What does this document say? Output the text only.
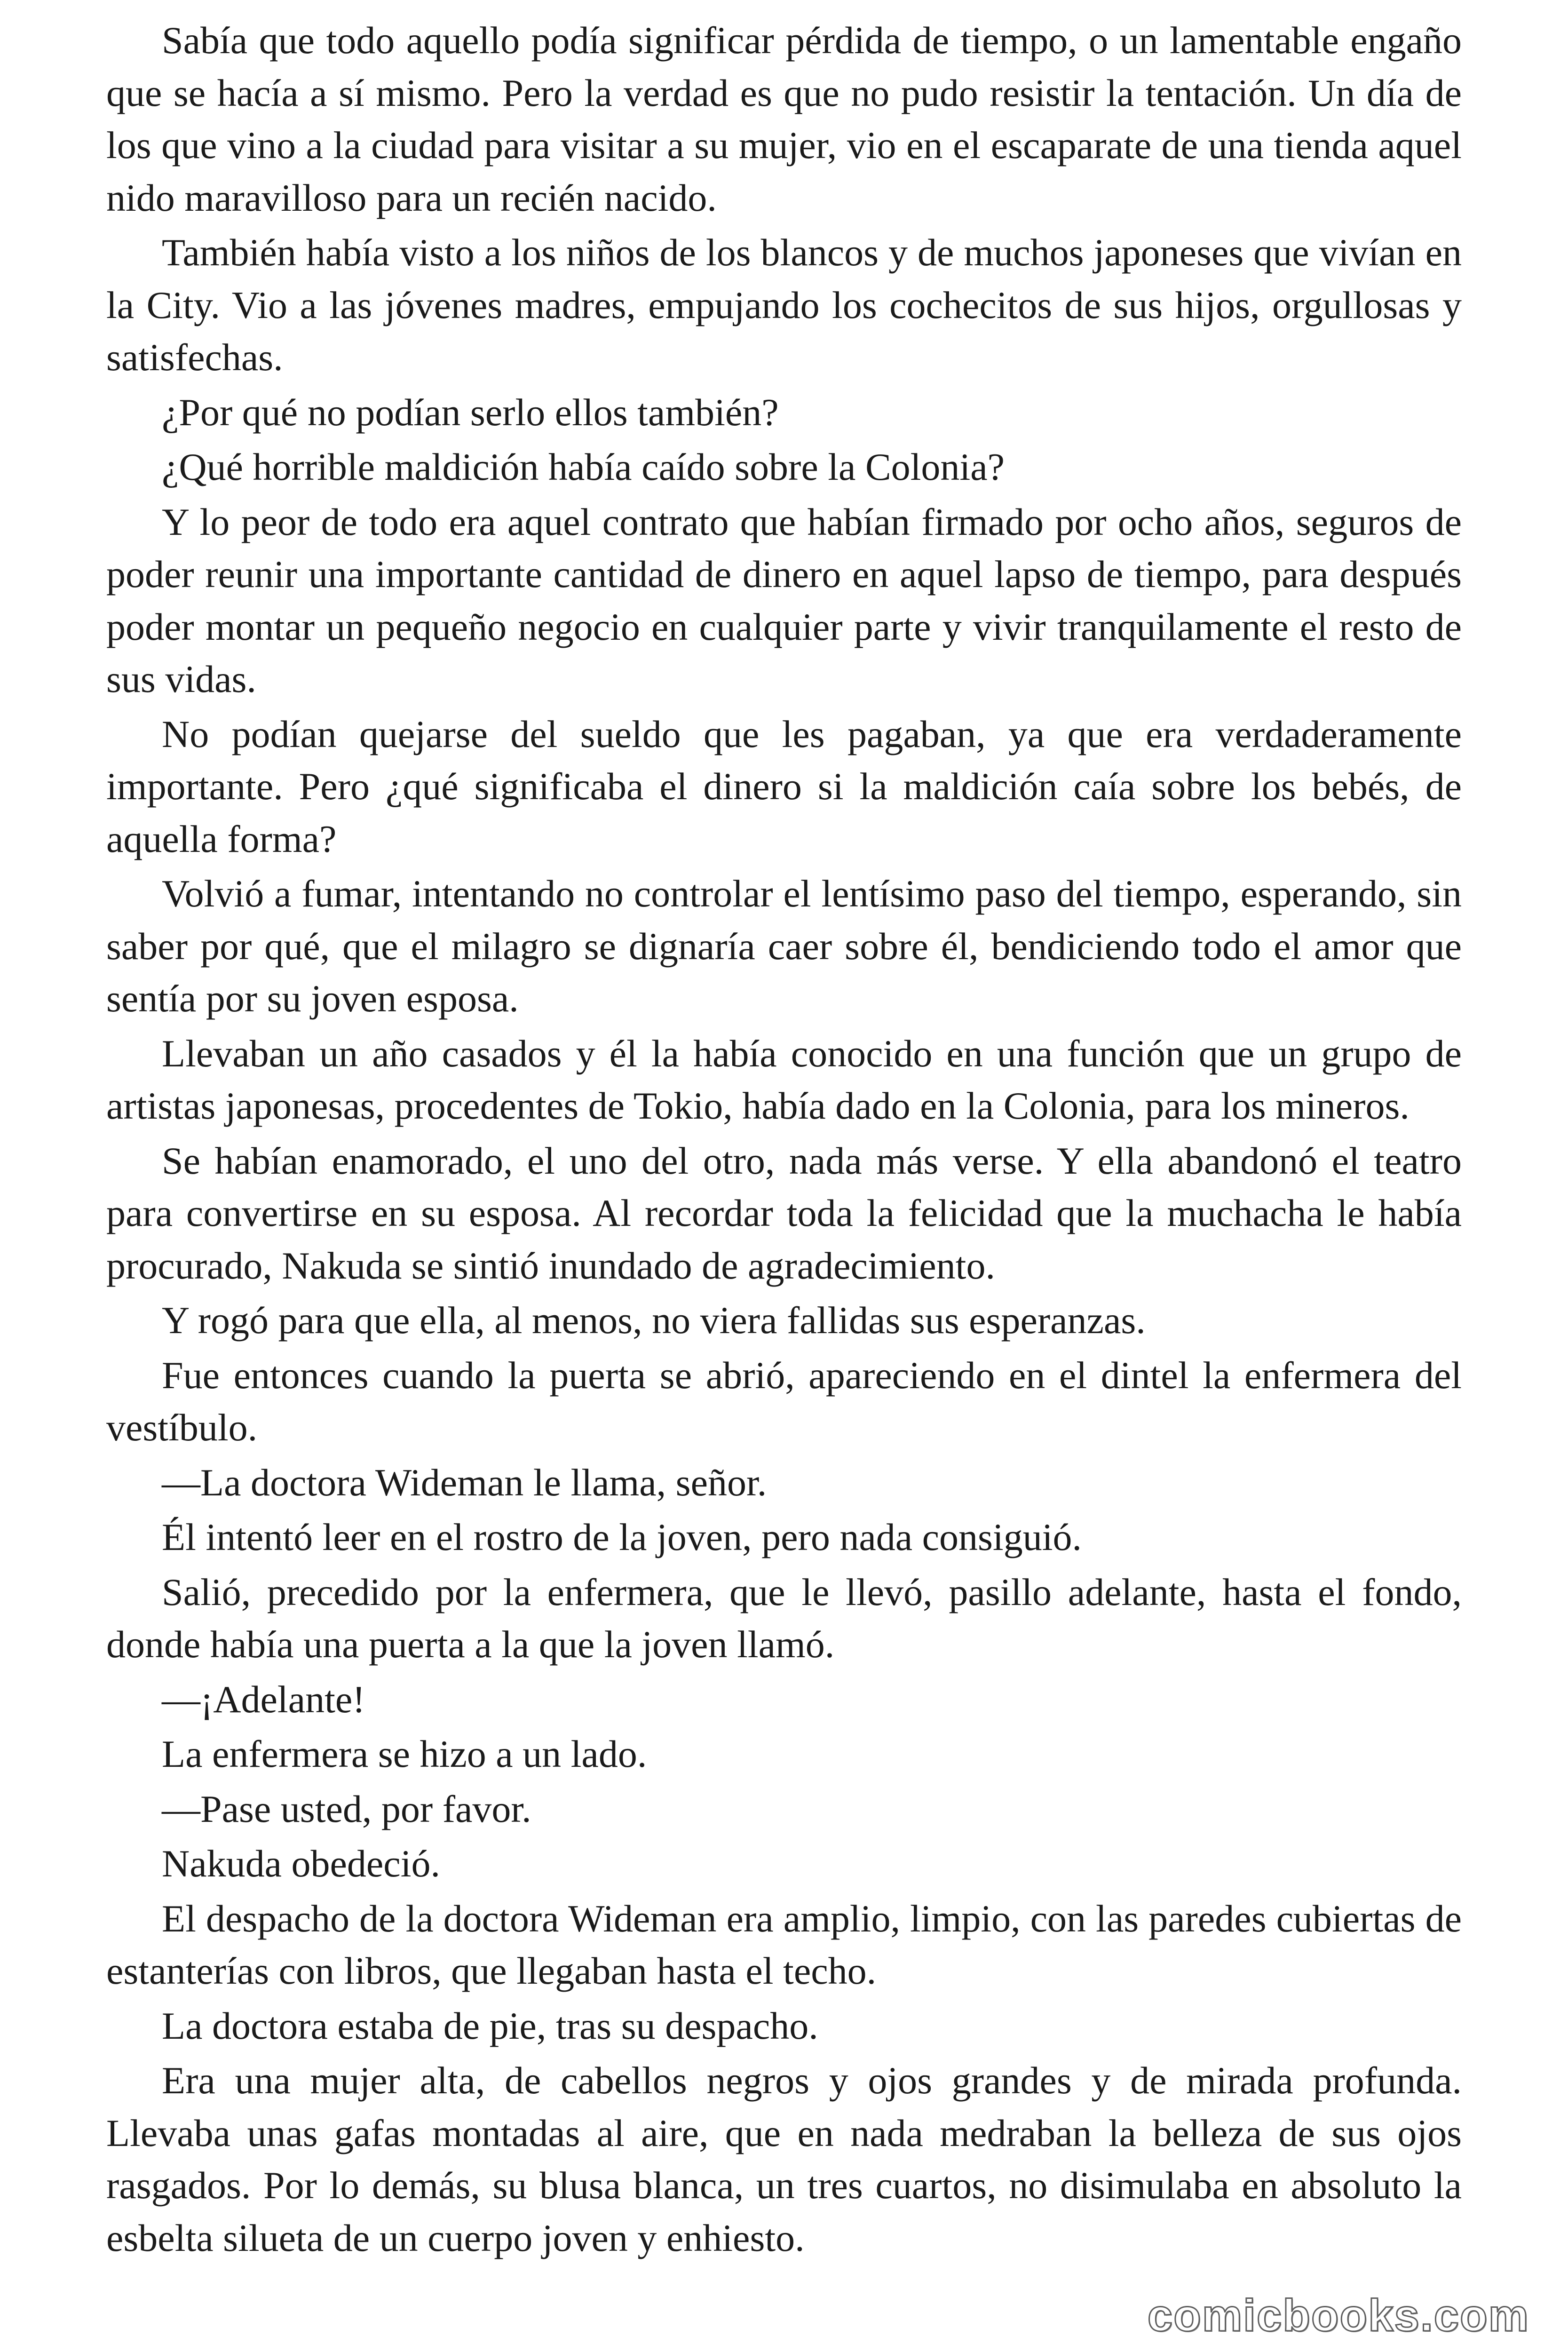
Sabía que todo aquello podía significar pérdida de tiempo, o un lamentable engaño que se hacía a sí mismo. Pero la verdad es que no pudo resistir la tentación. Un día de los que vino a la ciudad para visitar a su mujer, vio en el escaparate de una tienda aquel nido maravilloso para un recién nacido.

También había visto a los niños de los blancos y de muchos japoneses que vivían en la City. Vio a las jóvenes madres, empujando los cochecitos de sus hijos, orgullosas y satisfechas.

¿Por qué no podían serlo ellos también?

¿Qué horrible maldición había caído sobre la Colonia?

Y lo peor de todo era aquel contrato que habían firmado por ocho años, seguros de poder reunir una importante cantidad de dinero en aquel lapso de tiempo, para después poder montar un pequeño negocio en cualquier parte y vivir tranquilamente el resto de sus vidas.

No podían quejarse del sueldo que les pagaban, ya que era verdaderamente importante. Pero ¿qué significaba el dinero si la maldición caía sobre los bebés, de aquella forma?

Volvió a fumar, intentando no controlar el lentísimo paso del tiempo, esperando, sin saber por qué, que el milagro se dignaría caer sobre él, bendiciendo todo el amor que sentía por su joven esposa.

Llevaban un año casados y él la había conocido en una función que un grupo de artistas japonesas, procedentes de Tokio, había dado en la Colonia, para los mineros.

Se habían enamorado, el uno del otro, nada más verse. Y ella abandonó el teatro para convertirse en su esposa. Al recordar toda la felicidad que la muchacha le había procurado, Nakuda se sintió inundado de agradecimiento.

Y rogó para que ella, al menos, no viera fallidas sus esperanzas.

Fue entonces cuando la puerta se abrió, apareciendo en el dintel la enfermera del vestíbulo.

—La doctora Wideman le llama, señor.

Él intentó leer en el rostro de la joven, pero nada consiguió.

Salió, precedido por la enfermera, que le llevó, pasillo adelante, hasta el fondo, donde había una puerta a la que la joven llamó.

—¡Adelante!

La enfermera se hizo a un lado.

—Pase usted, por favor.

Nakuda obedeció.

El despacho de la doctora Wideman era amplio, limpio, con las paredes cubiertas de estanterías con libros, que llegaban hasta el techo.

La doctora estaba de pie, tras su despacho.

Era una mujer alta, de cabellos negros y ojos grandes y de mirada profunda. Llevaba unas gafas montadas al aire, que en nada medraban la belleza de sus ojos rasgados. Por lo demás, su blusa blanca, un tres cuartos, no disimulaba en absoluto la esbelta silueta de un cuerpo joven y enhiesto.

comicbooks.com
